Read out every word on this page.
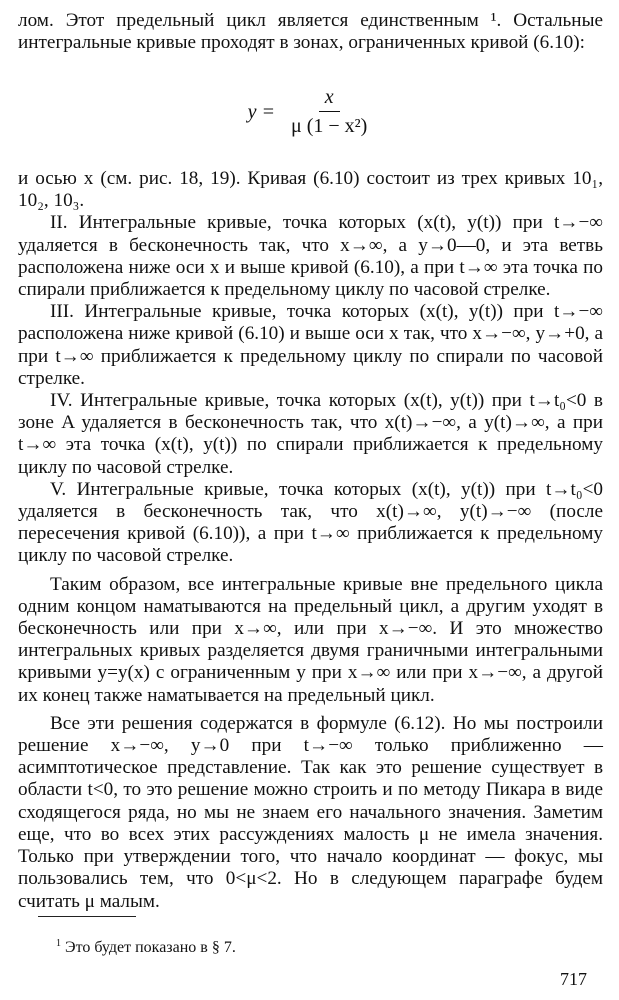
лом. Этот предельный цикл является единственным ¹. Остальные интегральные кривые проходят в зонах, ограниченных кривой (6.10):

$y = \frac{x}{\text{μ (1 − x²)}}$

и осью x (см. рис. 18, 19). Кривая (6.10) состоит из трех кривых 10₁, 10₂, 10₃.

II. Интегральные кривые, точка которых (x(t), y(t)) при t→−∞ удаляется в бесконечность так, что x→∞, а y→0—0, и эта ветвь расположена ниже оси x и выше кривой (6.10), а при t→∞ эта точка по спирали приближается к предельному циклу по часовой стрелке.

III. Интегральные кривые, точка которых (x(t), y(t)) при t→−∞ расположена ниже кривой (6.10) и выше оси x так, что x→−∞, y→+0, а при t→∞ приближается к предельному циклу по спирали по часовой стрелке.

IV. Интегральные кривые, точка которых (x(t), y(t)) при t→t₀<0 в зоне A удаляется в бесконечность так, что x(t)→−∞, а y(t)→∞, а при t→∞ эта точка (x(t), y(t)) по спирали приближается к предельному циклу по часовой стрелке.

V. Интегральные кривые, точка которых (x(t), y(t)) при t→t₀<0 удаляется в бесконечность так, что x(t)→∞, y(t)→−∞ (после пересечения кривой (6.10)), а при t→∞ приближается к предельному циклу по часовой стрелке.

Таким образом, все интегральные кривые вне предельного цикла одним концом наматываются на предельный цикл, а другим уходят в бесконечность или при x→∞, или при x→−∞. И это множество интегральных кривых разделяется двумя граничными интегральными кривыми y=y(x) с ограниченным y при x→∞ или при x→−∞, а другой их конец также наматывается на предельный цикл.

Все эти решения содержатся в формуле (6.12). Но мы построили решение x→−∞, y→0 при t→−∞ только приближенно — асимптотическое представление. Так как это решение существует в области t<0, то это решение можно строить и по методу Пикара в виде сходящегося ряда, но мы не знаем его начального значения. Заметим еще, что во всех этих рассуждениях малость μ не имела значения. Только при утверждении того, что начало координат — фокус, мы пользовались тем, что 0<μ<2. Но в следующем параграфе будем считать μ малым.

$^1$ Это будет показано в § 7.
717
